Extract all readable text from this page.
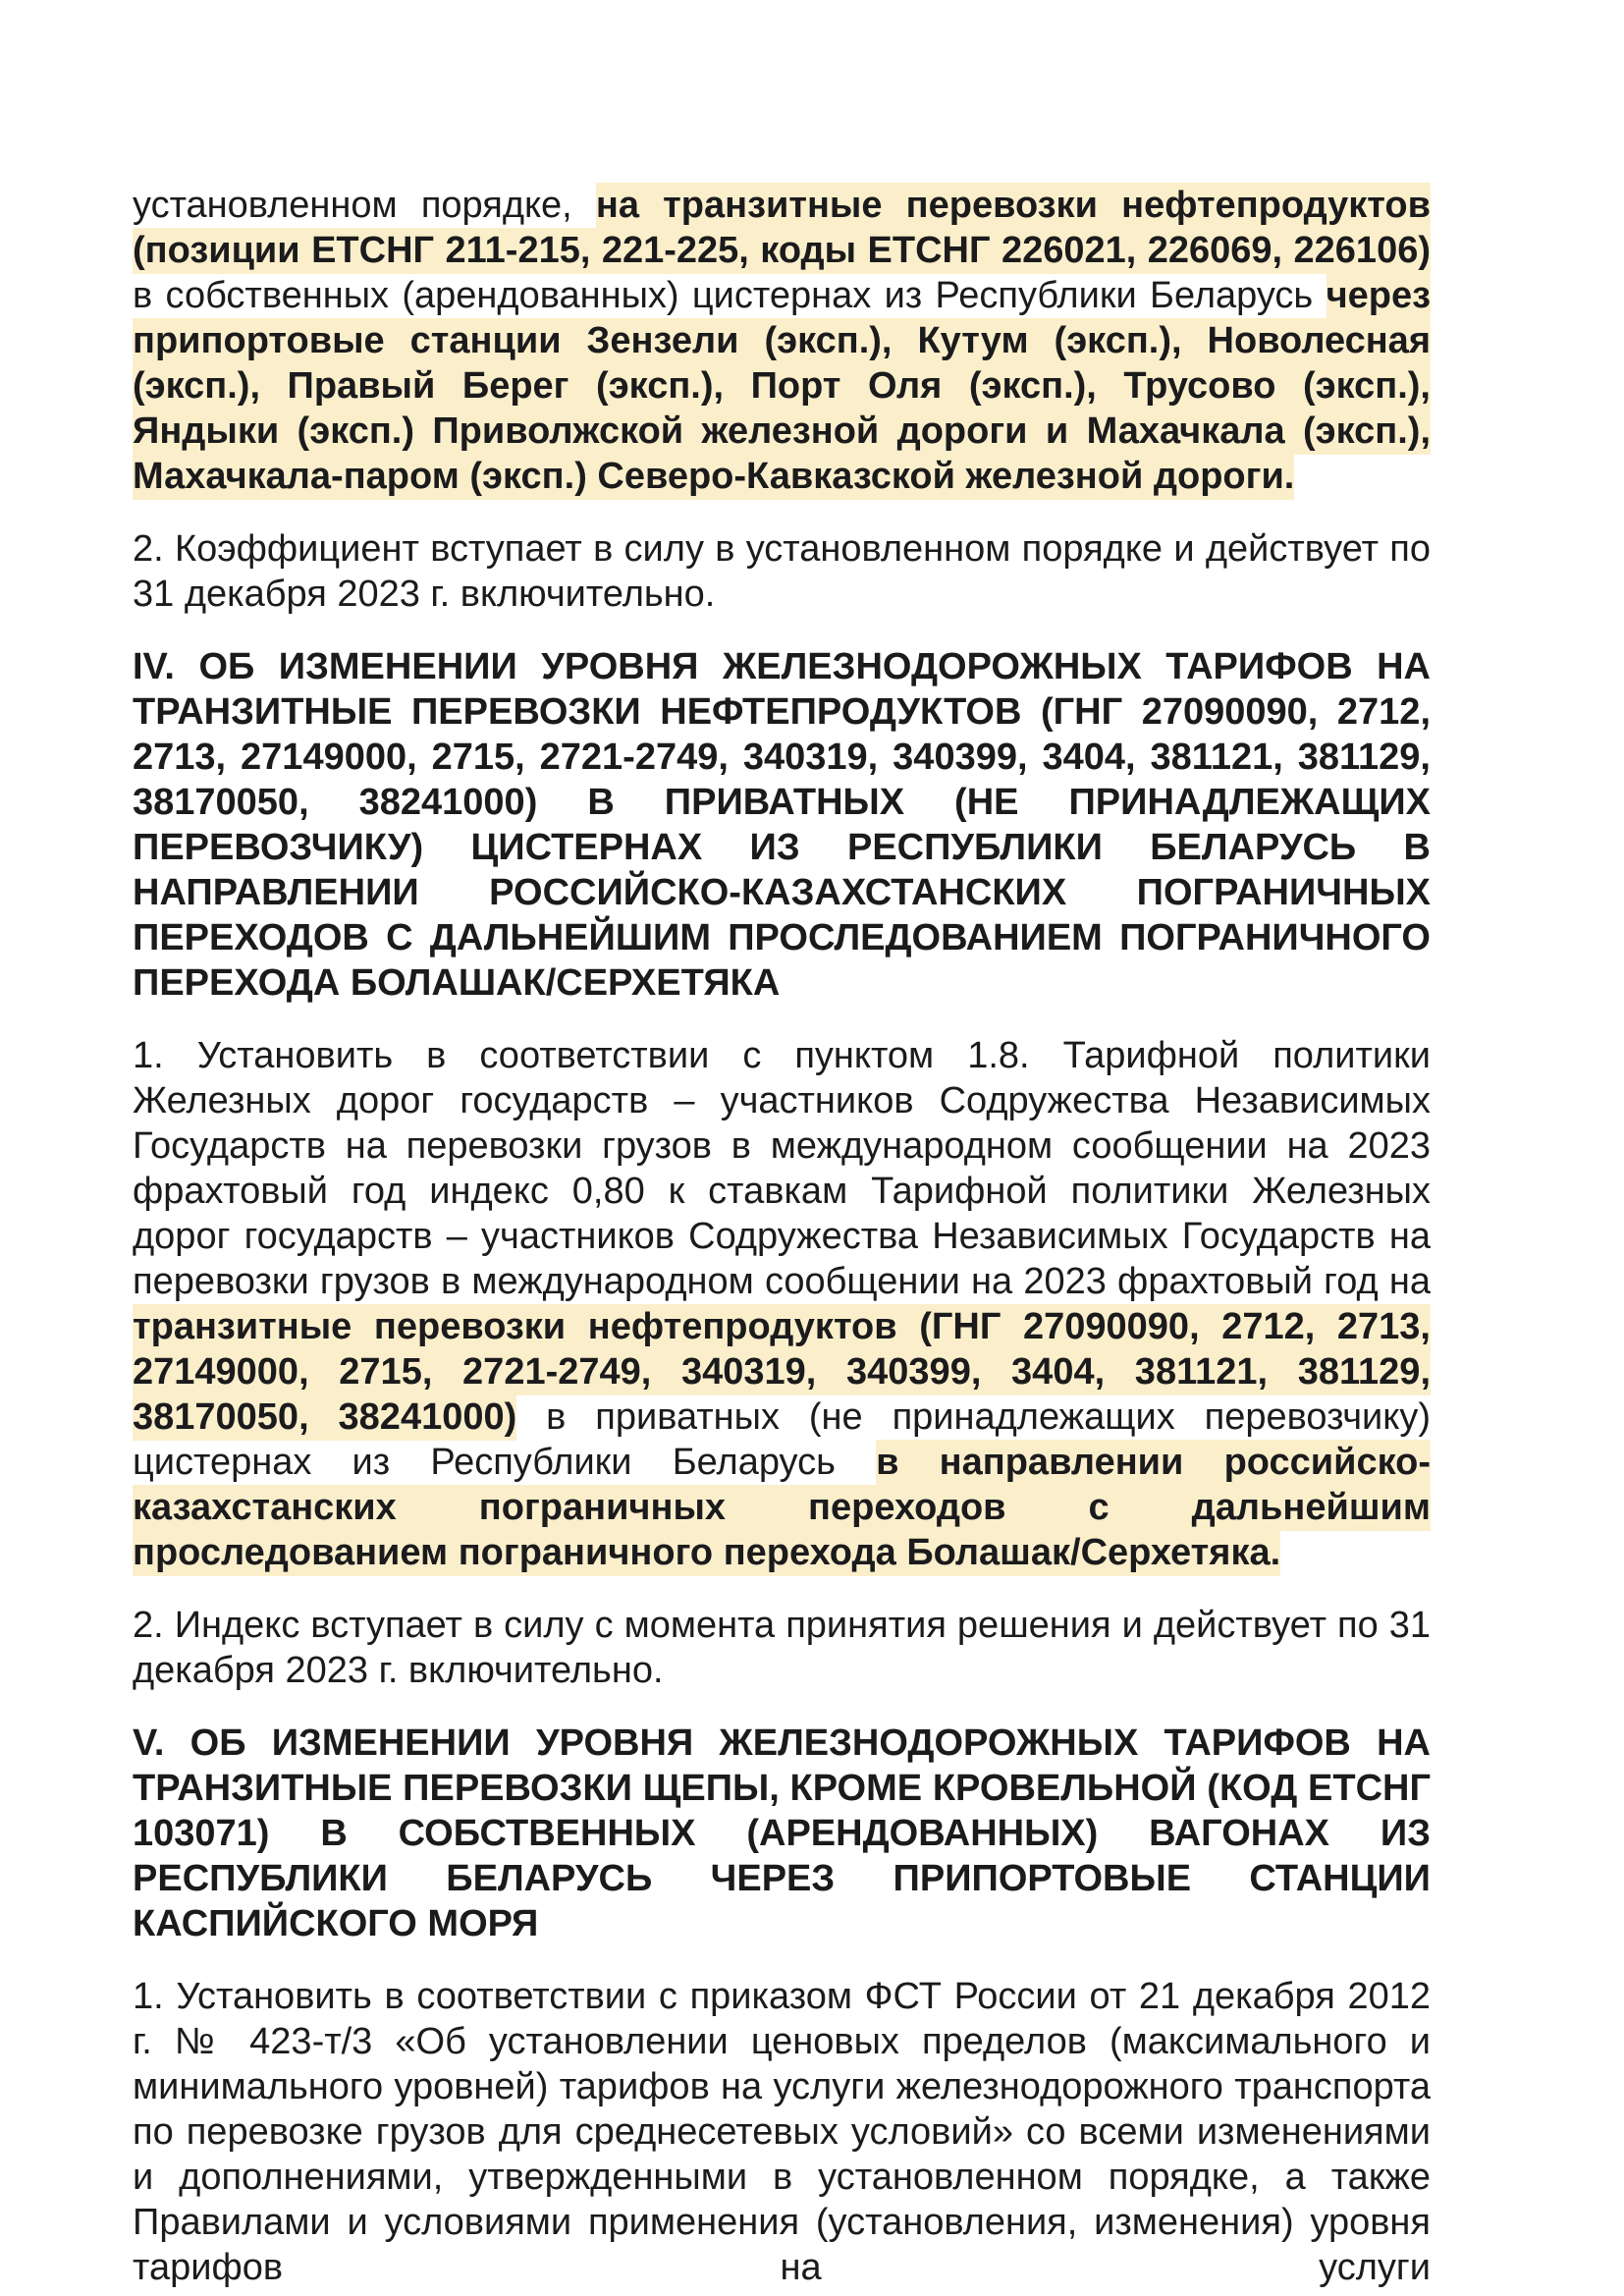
установленном порядке, на транзитные перевозки нефтепродуктов (позиции ЕТСНГ 211-215, 221-225, коды ЕТСНГ 226021, 226069, 226106) в собственных (арендованных) цистернах из Республики Беларусь через припортовые станции Зензели (эксп.), Кутум (эксп.), Новолесная (эксп.), Правый Берег (эксп.), Порт Оля (эксп.), Трусово (эксп.), Яндыки (эксп.) Приволжской железной дороги и Махачкала (эксп.), Махачкала-паром (эксп.) Северо-Кавказской железной дороги.

2. Коэффициент вступает в силу в установленном порядке и действует по 31 декабря 2023 г. включительно.

IV. ОБ ИЗМЕНЕНИИ УРОВНЯ ЖЕЛЕЗНОДОРОЖНЫХ ТАРИФОВ НА ТРАНЗИТНЫЕ ПЕРЕВОЗКИ НЕФТЕПРОДУКТОВ (ГНГ 27090090, 2712, 2713, 27149000, 2715, 2721-2749, 340319, 340399, 3404, 381121, 381129, 38170050, 38241000) В ПРИВАТНЫХ (НЕ ПРИНАДЛЕЖАЩИХ ПЕРЕВОЗЧИКУ) ЦИСТЕРНАХ ИЗ РЕСПУБЛИКИ БЕЛАРУСЬ В НАПРАВЛЕНИИ РОССИЙСКО-КАЗАХСТАНСКИХ ПОГРАНИЧНЫХ ПЕРЕХОДОВ С ДАЛЬНЕЙШИМ ПРОСЛЕДОВАНИЕМ ПОГРАНИЧНОГО ПЕРЕХОДА БОЛАШАК/СЕРХЕТЯКА

1. Установить в соответствии с пунктом 1.8. Тарифной политики Железных дорог государств – участников Содружества Независимых Государств на перевозки грузов в международном сообщении на 2023 фрахтовый год индекс 0,80 к ставкам Тарифной политики Железных дорог государств – участников Содружества Независимых Государств на перевозки грузов в международном сообщении на 2023 фрахтовый год на транзитные перевозки нефтепродуктов (ГНГ 27090090, 2712, 2713, 27149000, 2715, 2721-2749, 340319, 340399, 3404, 381121, 381129, 38170050, 38241000) в приватных (не принадлежащих перевозчику) цистернах из Республики Беларусь в направлении российско-казахстанских пограничных переходов с дальнейшим проследованием пограничного перехода Болашак/Серхетяка.

2. Индекс вступает в силу с момента принятия решения и действует по 31 декабря 2023 г. включительно.

V. ОБ ИЗМЕНЕНИИ УРОВНЯ ЖЕЛЕЗНОДОРОЖНЫХ ТАРИФОВ НА ТРАНЗИТНЫЕ ПЕРЕВОЗКИ ЩЕПЫ, КРОМЕ КРОВЕЛЬНОЙ (КОД ЕТСНГ 103071) В СОБСТВЕННЫХ (АРЕНДОВАННЫХ) ВАГОНАХ ИЗ РЕСПУБЛИКИ БЕЛАРУСЬ ЧЕРЕЗ ПРИПОРТОВЫЕ СТАНЦИИ КАСПИЙСКОГО МОРЯ

1. Установить в соответствии с приказом ФСТ России от 21 декабря 2012 г. № 423-т/3 «Об установлении ценовых пределов (максимального и минимального уровней) тарифов на услуги железнодорожного транспорта по перевозке грузов для среднесетевых условий» со всеми изменениями и дополнениями, утвержденными в установленном порядке, а также Правилами и условиями применения (установления, изменения) уровня тарифов на услуги
